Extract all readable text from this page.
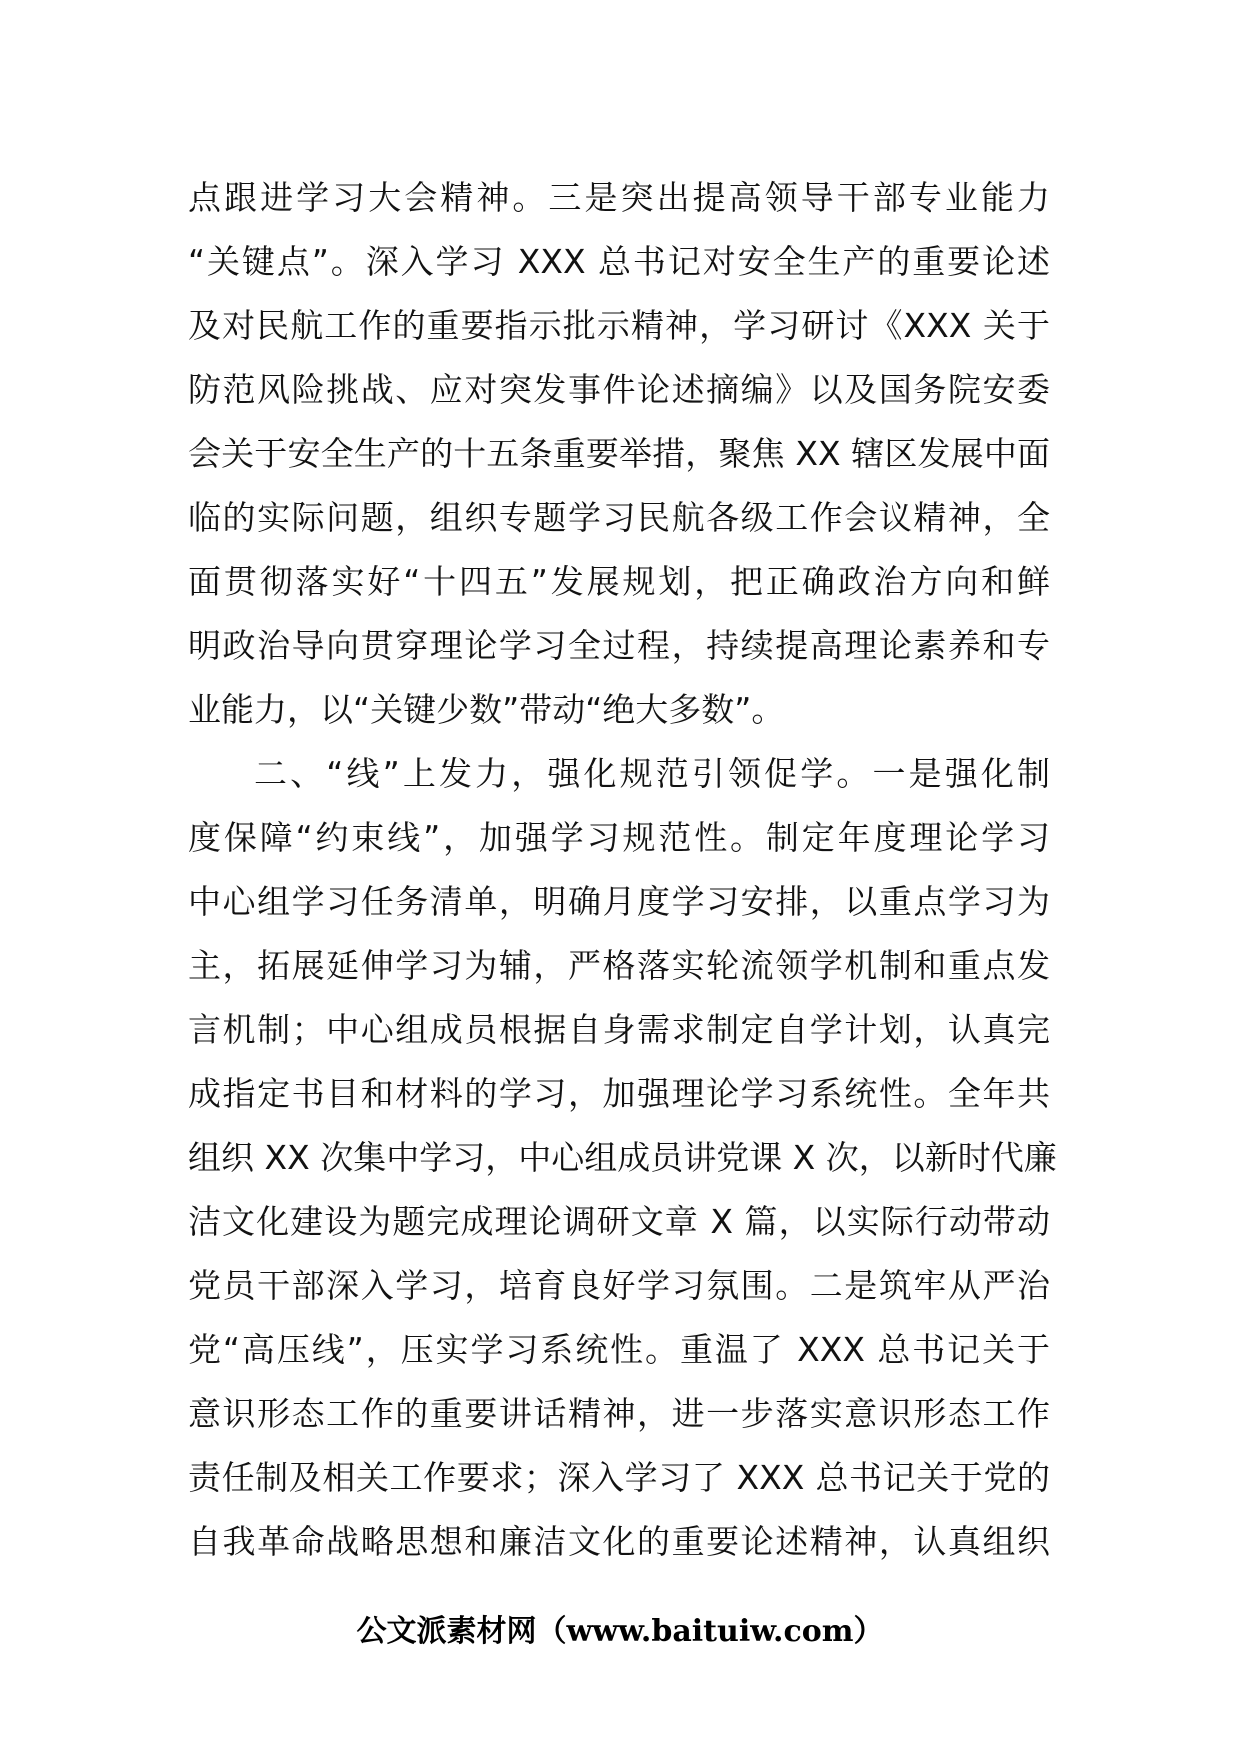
点跟进学习大会精神。三是突出提高领导干部专业能力
“关键点”。深入学习 XXX 总书记对安全生产的重要论述
及对民航工作的重要指示批示精神，学习研讨《XXX 关于
防范风险挑战、应对突发事件论述摘编》以及国务院安委
会关于安全生产的十五条重要举措，聚焦 XX 辖区发展中面
临的实际问题，组织专题学习民航各级工作会议精神，全
面贯彻落实好“十四五”发展规划，把正确政治方向和鲜
明政治导向贯穿理论学习全过程，持续提高理论素养和专
业能力，以“关键少数”带动“绝大多数”。
二、“线”上发力，强化规范引领促学。一是强化制
度保障“约束线”，加强学习规范性。制定年度理论学习
中心组学习任务清单，明确月度学习安排，以重点学习为
主，拓展延伸学习为辅，严格落实轮流领学机制和重点发
言机制；中心组成员根据自身需求制定自学计划，认真完
成指定书目和材料的学习，加强理论学习系统性。全年共
组织 XX 次集中学习，中心组成员讲党课 X 次，以新时代廉
洁文化建设为题完成理论调研文章 X 篇，以实际行动带动
党员干部深入学习，培育良好学习氛围。二是筑牢从严治
党“高压线”，压实学习系统性。重温了 XXX 总书记关于
意识形态工作的重要讲话精神，进一步落实意识形态工作
责任制及相关工作要求；深入学习了 XXX 总书记关于党的
自我革命战略思想和廉洁文化的重要论述精神，认真组织
公文派素材网（www.baituiw.com）
